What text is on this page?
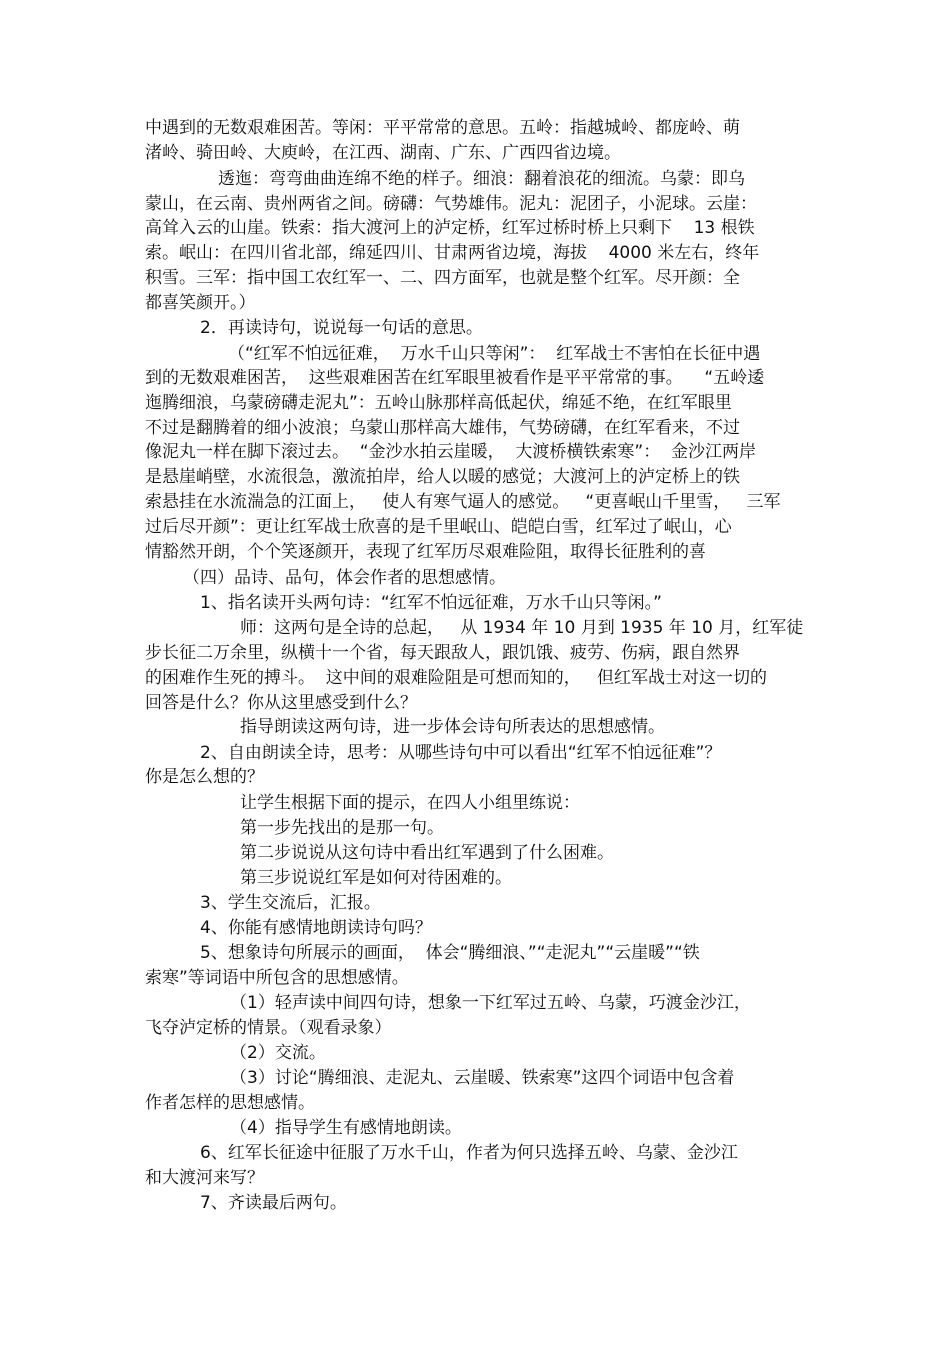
中遇到的无数艰难困苦。等闲：平平常常的意思。五岭：指越城岭、都庞岭、萌
渚岭、骑田岭、大庾岭，在江西、湖南、广东、广西四省边境。
透迤：弯弯曲曲连绵不绝的样子。细浪：翻着浪花的细流。乌蒙：即乌
蒙山，在云南、贵州两省之间。磅礴：气势雄伟。泥丸：泥团子，小泥球。云崖：
高耸入云的山崖。铁索：指大渡河上的泸定桥，红军过桥时桥上只剩下    13 根铁
索。岷山：在四川省北部，绵延四川、甘肃两省边境，海拔    4000 米左右，终年
积雪。三军：指中国工农红军一、二、四方面军，也就是整个红军。尽开颜：全
都喜笑颜开。）
2．再读诗句，说说每一句话的意思。
（“红军不怕远征难，  万水千山只等闲”：  红军战士不害怕在长征中遇
到的无数艰难困苦，  这些艰难困苦在红军眼里被看作是平平常常的事。    “五岭逶
迤腾细浪，乌蒙磅礴走泥丸”：五岭山脉那样高低起伏，绵延不绝，在红军眼里
不过是翻腾着的细小波浪；乌蒙山那样高大雄伟，气势磅礴，在红军看来，不过
像泥丸一样在脚下滚过去。  “金沙水拍云崖暖，  大渡桥横铁索寒”：  金沙江两岸
是悬崖峭壁，水流很急，激流拍岸，给人以暖的感觉；大渡河上的泸定桥上的铁
索悬挂在水流湍急的江面上，   使人有寒气逼人的感觉。   “更喜岷山千里雪，   三军
过后尽开颜”：更让红军战士欣喜的是千里岷山、皑皑白雪，红军过了岷山，心
情豁然开朗，个个笑逐颜开，表现了红军历尽艰难险阻，取得长征胜利的喜
（四）品诗、品句，体会作者的思想感情。
1、指名读开头两句诗：“红军不怕远征难，万水千山只等闲。”
师：这两句是全诗的总起，   从 1934 年 10 月到 1935 年 10 月，红军徒
步长征二万余里，纵横十一个省，每天跟敌人，跟饥饿、疲劳、伤病，跟自然界
的困难作生死的搏斗。  这中间的艰难险阻是可想而知的，   但红军战士对这一切的
回答是什么？你从这里感受到什么？
指导朗读这两句诗，进一步体会诗句所表达的思想感情。
2、自由朗读全诗，思考：从哪些诗句中可以看出“红军不怕远征难”？
你是怎么想的？
让学生根据下面的提示，在四人小组里练说：
第一步先找出的是那一句。
第二步说说从这句诗中看出红军遇到了什么困难。
第三步说说红军是如何对待困难的。
3、学生交流后，汇报。
4、你能有感情地朗读诗句吗？
5、想象诗句所展示的画面，  体会“腾细浪、”“走泥丸”“云崖暖”“铁
索寒”等词语中所包含的思想感情。
（1）轻声读中间四句诗，想象一下红军过五岭、乌蒙，巧渡金沙江，
飞夺泸定桥的情景。（观看录象）
（2）交流。
（3）讨论“腾细浪、走泥丸、云崖暖、铁索寒”这四个词语中包含着
作者怎样的思想感情。
（4）指导学生有感情地朗读。
6、红军长征途中征服了万水千山，作者为何只选择五岭、乌蒙、金沙江
和大渡河来写？
7、齐读最后两句。
